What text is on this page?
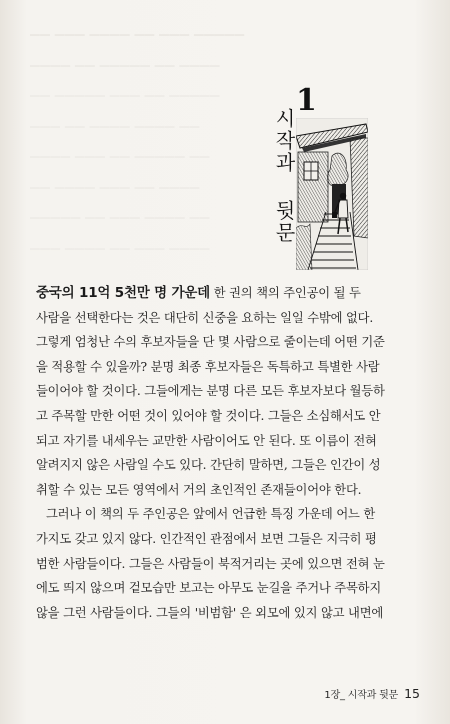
▁▁ ▁▁▁ ▁▁▁▁ ▁▁ ▁▁▁ ▁▁▁▁▁
▁▁▁▁ ▁▁ ▁▁▁▁▁ ▁▁ ▁▁▁▁
▁▁ ▁▁▁▁▁ ▁▁▁ ▁▁ ▁▁▁▁▁
▁▁▁ ▁▁ ▁▁▁▁ ▁▁▁▁ ▁▁
▁▁▁▁ ▁▁▁ ▁▁ ▁▁▁▁▁ ▁▁
▁▁ ▁▁▁▁ ▁▁▁ ▁▁ ▁▁▁▁
▁▁▁▁▁ ▁▁ ▁▁▁ ▁▁▁▁ ▁▁
▁▁▁ ▁▁▁▁ ▁▁ ▁▁▁ ▁▁▁▁
1
시작과 뒷문
중국의 11억 5천만 명 가운데 한 권의 책의 주인공이 될 두
사람을 선택한다는 것은 대단히 신중을 요하는 일일 수밖에 없다.
그렇게 엄청난 수의 후보자들을 단 몇 사람으로 줄이는데 어떤 기준
을 적용할 수 있을까? 분명 최종 후보자들은 독특하고 특별한 사람
들이어야 할 것이다. 그들에게는 분명 다른 모든 후보자보다 월등하
고 주목할 만한 어떤 것이 있어야 할 것이다. 그들은 소심해서도 안
되고 자기를 내세우는 교만한 사람이어도 안 된다. 또 이름이 전혀
알려지지 않은 사람일 수도 있다. 간단히 말하면, 그들은 인간이 성
취할 수 있는 모든 영역에서 거의 초인적인 존재들이어야 한다.
그러나 이 책의 두 주인공은 앞에서 언급한 특징 가운데 어느 한
가지도 갖고 있지 않다. 인간적인 관점에서 보면 그들은 지극히 평
범한 사람들이다. 그들은 사람들이 북적거리는 곳에 있으면 전혀 눈
에도 띄지 않으며 겉모습만 보고는 아무도 눈길을 주거나 주목하지
않을 그런 사람들이다. 그들의 '비범함' 은 외모에 있지 않고 내면에
1장_ 시작과 뒷문 15
